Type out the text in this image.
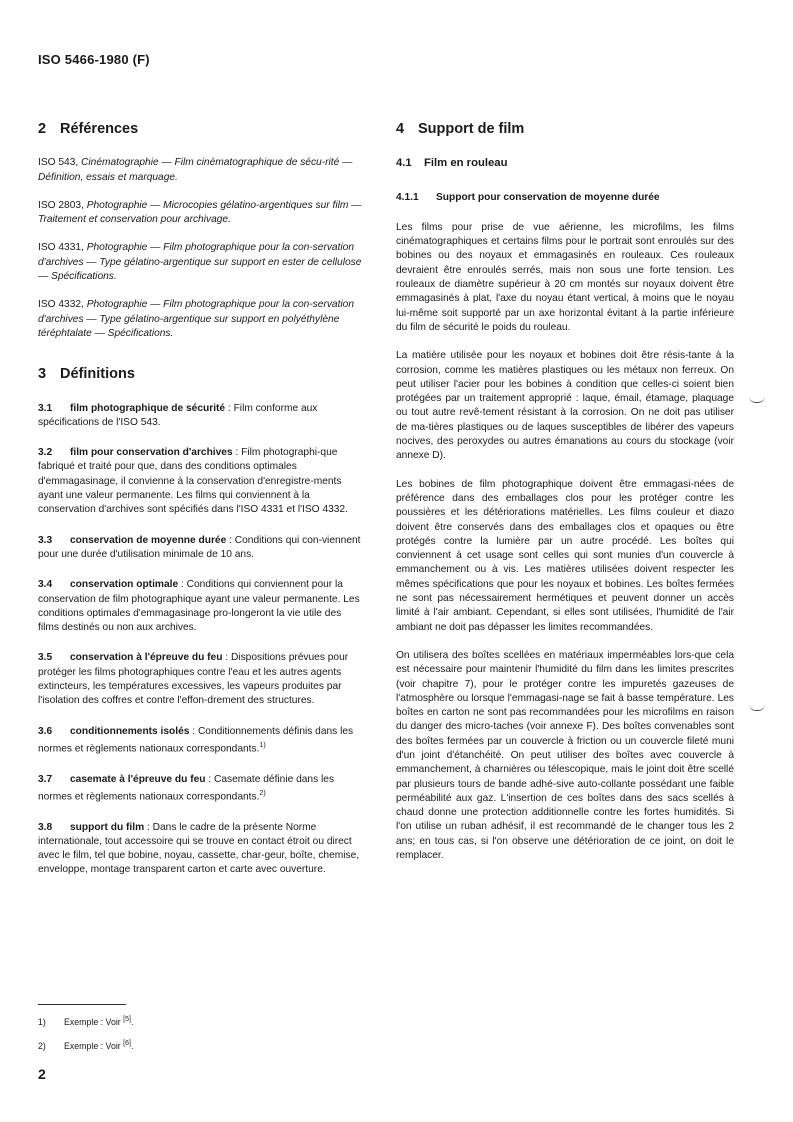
ISO 5466-1980 (F)
2 Références
ISO 543, Cinématographie — Film cinématographique de sécu-rité — Définition, essais et marquage.
ISO 2803, Photographie — Microcopies gélatino-argentiques sur film — Traitement et conservation pour archivage.
ISO 4331, Photographie — Film photographique pour la con-servation d'archives — Type gélatino-argentique sur support en ester de cellulose — Spécifications.
ISO 4332, Photographie — Film photographique pour la con-servation d'archives — Type gélatino-argentique sur support en polyéthylène téréphtalate — Spécifications.
3 Définitions
3.1 film photographique de sécurité : Film conforme aux spécifications de l'ISO 543.
3.2 film pour conservation d'archives : Film photographi-que fabriqué et traité pour que, dans des conditions optimales d'emmagasinage, il convienne à la conservation d'enregistre-ments ayant une valeur permanente. Les films qui conviennent à la conservation d'archives sont spécifiés dans l'ISO 4331 et l'ISO 4332.
3.3 conservation de moyenne durée : Conditions qui con-viennent pour une durée d'utilisation minimale de 10 ans.
3.4 conservation optimale : Conditions qui conviennent pour la conservation de film photographique ayant une valeur permanente. Les conditions optimales d'emmagasinage pro-longeront la vie utile des films destinés ou non aux archives.
3.5 conservation à l'épreuve du feu : Dispositions prévues pour protéger les films photographiques contre l'eau et les autres agents extincteurs, les températures excessives, les vapeurs produites par l'isolation des coffres et contre l'effon-drement des structures.
3.6 conditionnements isolés : Conditionnements définis dans les normes et règlements nationaux correspondants.$^{1)}$
3.7 casemate à l'épreuve du feu : Casemate définie dans les normes et règlements nationaux correspondants.$^{2)}$
3.8 support du film : Dans le cadre de la présente Norme internationale, tout accessoire qui se trouve en contact étroit ou direct avec le film, tel que bobine, noyau, cassette, char-geur, boîte, chemise, enveloppe, montage transparent carton et carte avec ouverture.
4 Support de film
4.1 Film en rouleau
4.1.1 Support pour conservation de moyenne durée

Les films pour prise de vue aérienne, les microfilms, les films cinématographiques et certains films pour le portrait sont enroulés sur des bobines ou des noyaux et emmagasinés en rouleaux. Ces rouleaux devraient être enroulés serrés, mais non sous une forte tension. Les rouleaux de diamètre supérieur à 20 cm montés sur noyaux doivent être emmagasinés à plat, l'axe du noyau étant vertical, à moins que le noyau lui-même soit supporté par un axe horizontal évitant à la partie inférieure du film de sécurité le poids du rouleau.

La matière utilisée pour les noyaux et bobines doit être résis-tante à la corrosion, comme les matières plastiques ou les métaux non ferreux. On peut utiliser l'acier pour les bobines à condition que celles-ci soient bien protégées par un traitement approprié : laque, émail, étamage, plaquage ou tout autre revê-tement résistant à la corrosion. On ne doit pas utiliser de ma-tières plastiques ou de laques susceptibles de libérer des vapeurs nocives, des peroxydes ou autres émanations au cours du stockage (voir annexe D).

Les bobines de film photographique doivent être emmagasi-nées de préférence dans des emballages clos pour les protéger contre les poussières et les détériorations matérielles. Les films couleur et diazo doivent être conservés dans des emballages clos et opaques ou être protégés contre la lumière par un autre procédé. Les boîtes qui conviennent à cet usage sont celles qui sont munies d'un couvercle à emmanchement ou à vis. Les matières utilisées doivent respecter les mêmes spécifications que pour les noyaux et bobines. Les boîtes fermées ne sont pas nécessairement hermétiques et peuvent donner un accès limité à l'air ambiant. Cependant, si elles sont utilisées, l'humidité de l'air ambiant ne doit pas dépasser les limites recommandées.

On utilisera des boîtes scellées en matériaux imperméables lors-que cela est nécessaire pour maintenir l'humidité du film dans les limites prescrites (voir chapitre 7), pour le protéger contre les impuretés gazeuses de l'atmosphère ou lorsque l'emmagasi-nage se fait à basse température. Les boîtes en carton ne sont pas recommandées pour les microfilms en raison du danger des micro-taches (voir annexe F). Des boîtes convenables sont des boîtes fermées par un couvercle à friction ou un couvercle fileté muni d'un joint d'étanchéité. On peut utiliser des boîtes avec couvercle à emmanchement, à charnières ou télescopique, mais le joint doit être scellé par plusieurs tours de bande adhé-sive auto-collante possédant une faible perméabilité aux gaz. L'insertion de ces boîtes dans des sacs scellés à chaud donne une protection additionnelle contre les fortes humidités. Si l'on utilise un ruban adhésif, il est recommandé de le changer tous les 2 ans; en tous cas, si l'on observe une détérioration de ce joint, on doit le remplacer.

1) Exemple : Voir [5].
2) Exemple : Voir [6].
2
